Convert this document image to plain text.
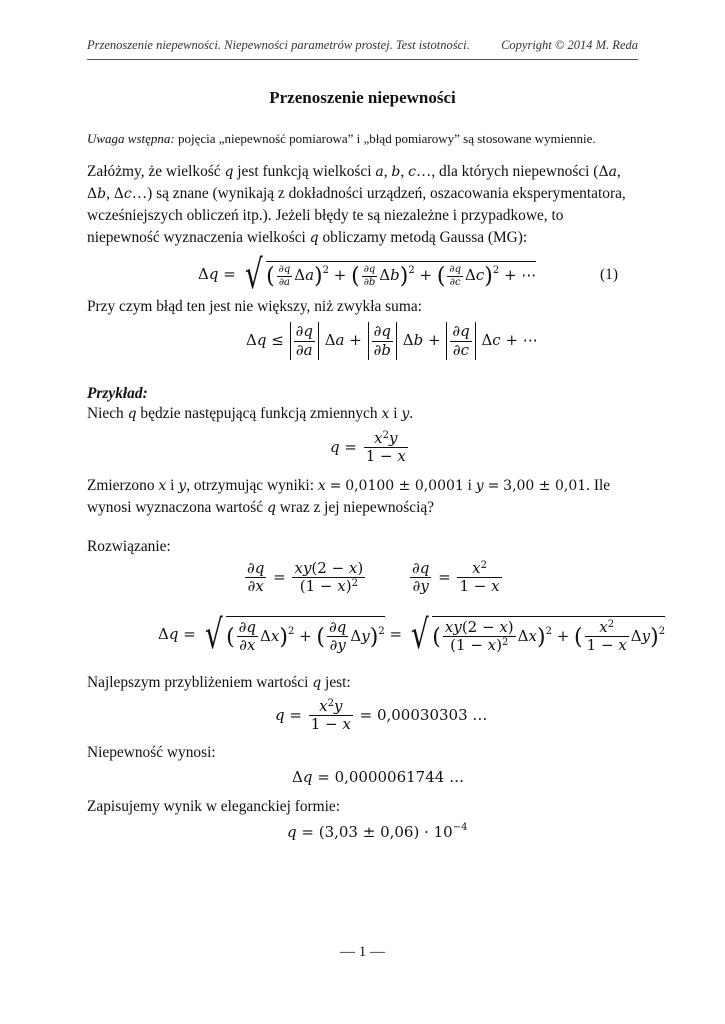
Przenoszenie niepewności. Niepewności parametrów prostej. Test istotności.	Copyright © 2014 M. Reda
Przenoszenie niepewności
Uwaga wstępna: pojęcia „niepewność pomiarowa” i „błąd pomiarowy” są stosowane wymiennie.
Załóżmy, że wielkość q jest funkcją wielkości a, b, c…, dla których niepewności (Δa, Δb, Δc…) są znane (wynikają z dokładności urządzeń, oszacowania eksperymentatora, wcześniejszych obliczeń itp.). Jeżeli błędy te są niezależne i przypadkowe, to niepewność wyznaczenia wielkości q obliczamy metodą Gaussa (MG):
Δq = √ ( $\frac{\partial q}{\partial a} \Delta a)^2$ + ( $\frac{\partial q}{\partial b} \Delta b)^2$ + ( $\frac{\partial q}{\partial c} \Delta c)^2$ + ⋯	(1)
Przy czym błąd ten jest nie większy, niż zwykła suma:
$\Delta q \le \frac{\partial q}{\partial a}$ $\Delta a + \frac{\partial q}{\partial b}$ $\Delta b + \frac{\partial q}{\partial c}$ Δc + ⋯
Przykład:
Niech q będzie następującą funkcją zmiennych x i y.
$q = \frac{x^2y}{1 - x}$
Zmierzono x i y, otrzymując wyniki: x = 0,0100 ± 0,0001 i y = 3,00 ± 0,01. Ile wynosi wyznaczona wartość q wraz z jej niepewnością?
Rozwiązanie:
$\frac{\partial q}{\partial x} = \frac{xy(2 - x)}{(1 - x)^2}$	$\frac{\partial q}{\partial y} = \frac{x^2}{1 - x}$
Δq = √ ( $\frac{\partial q}{\partial x} \Delta x)^2$ + ( $\frac{\partial q}{\partial y} \Delta y)^2$ = √ ( $\frac{xy(2 - x)}{(1 - x)^2} \Delta x)^2$ + ( $\frac{x^2}{1 - x} \Delta y)^2$
Najlepszym przybliżeniem wartości q jest:
$q = \frac{x^2y}{1 - x} = 0,00030303$ …
Niepewność wynosi:
Δq = 0,0000061744 …
Zapisujemy wynik w eleganckiej formie:
$q = (3,03 \pm 0,06) \cdot 10^{-4}$
— 1 —
